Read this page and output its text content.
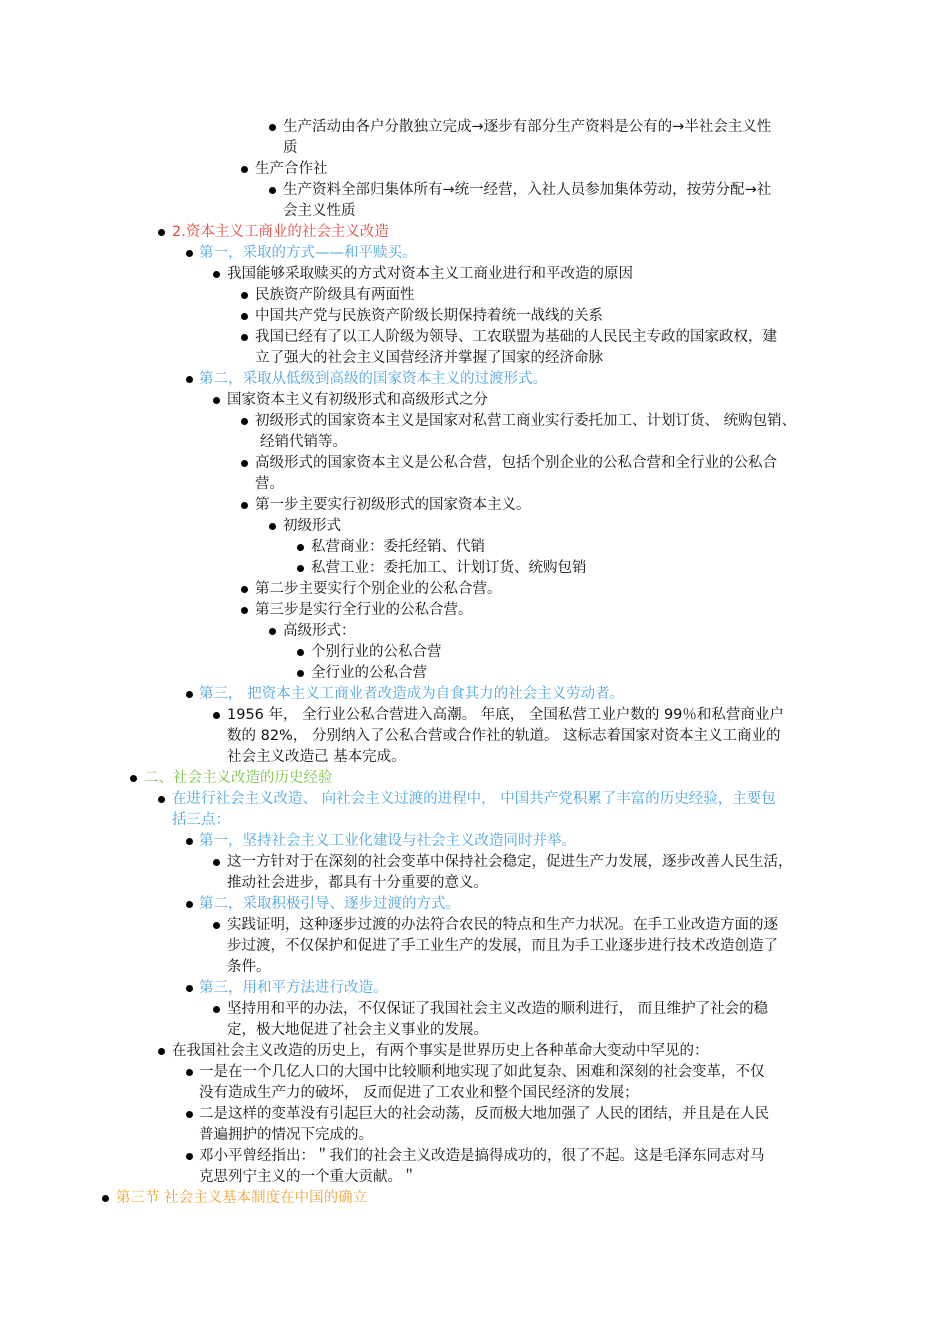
生产活动由各户分散独立完成→逐步有部分生产资料是公有的→半社会主义性

质

生产合作社

生产资料全部归集体所有→统一经营，入社人员参加集体劳动，按劳分配→社

会主义性质

2.资本主义工商业的社会主义改造

第一，采取的方式——和平赎买。

我国能够采取赎买的方式对资本主义工商业进行和平改造的原因

民族资产阶级具有两面性

中国共产党与民族资产阶级长期保持着统一战线的关系

我国已经有了以工人阶级为领导、工农联盟为基础的人民民主专政的国家政权，建

立了强大的社会主义国营经济并掌握了国家的经济命脉

第二，采取从低级到高级的国家资本主义的过渡形式。

国家资本主义有初级形式和高级形式之分

初级形式的国家资本主义是国家对私营工商业实行委托加工、计划订货、 统购包销、

经销代销等。

高级形式的国家资本主义是公私合营，包括个别企业的公私合营和全行业的公私合

营。

第一步主要实行初级形式的国家资本主义。

初级形式

私营商业：委托经销、代销

私营工业：委托加工、计划订货、统购包销

第二步主要实行个别企业的公私合营。

第三步是实行全行业的公私合营。

高级形式：

个别行业的公私合营

全行业的公私合营

第三， 把资本主义工商业者改造成为自食其力的社会主义劳动者。

1956 年， 全行业公私合营进入高潮。 年底， 全国私营工业户数的 99％和私营商业户

数的 82%， 分别纳入了公私合营或合作社的轨道。 这标志着国家对资本主义工商业的

社会主义改造己 基本完成。

二、社会主义改造的历史经验

在进行社会主义改造、 向社会主义过渡的进程中， 中国共产党积累了丰富的历史经验，主要包

括三点：

第一，坚持社会主义工业化建设与社会主义改造同时并举。

这一方针对于在深刻的社会变革中保持社会稳定，促进生产力发展，逐步改善人民生活，

推动社会进步，都具有十分重要的意义。

第二，采取积极引导、逐步过渡的方式。

实践证明，这种逐步过渡的办法符合农民的特点和生产力状况。在手工业改造方面的逐

步过渡，不仅保护和促进了手工业生产的发展，而且为手工业逐步进行技术改造创造了

条件。

第三，用和平方法进行改造。

坚持用和平的办法，不仅保证了我国社会主义改造的顺利进行， 而且维护了社会的稳

定，极大地促进了社会主义事业的发展。

在我国社会主义改造的历史上，有两个事实是世界历史上各种革命大变动中罕见的：

一是在一个几亿人口的大国中比较顺利地实现了如此复杂、困难和深刻的社会变革，不仅

没有造成生产力的破坏， 反而促进了工农业和整个国民经济的发展；

二是这样的变革没有引起巨大的社会动荡，反而极大地加强了 人民的团结，并且是在人民

普遍拥护的情况下完成的。

邓小平曾经指出：＂我们的社会主义改造是搞得成功的，很了不起。这是毛泽东同志对马

克思列宁主义的一个重大贡献。＂

第三节 社会主义基本制度在中国的确立
